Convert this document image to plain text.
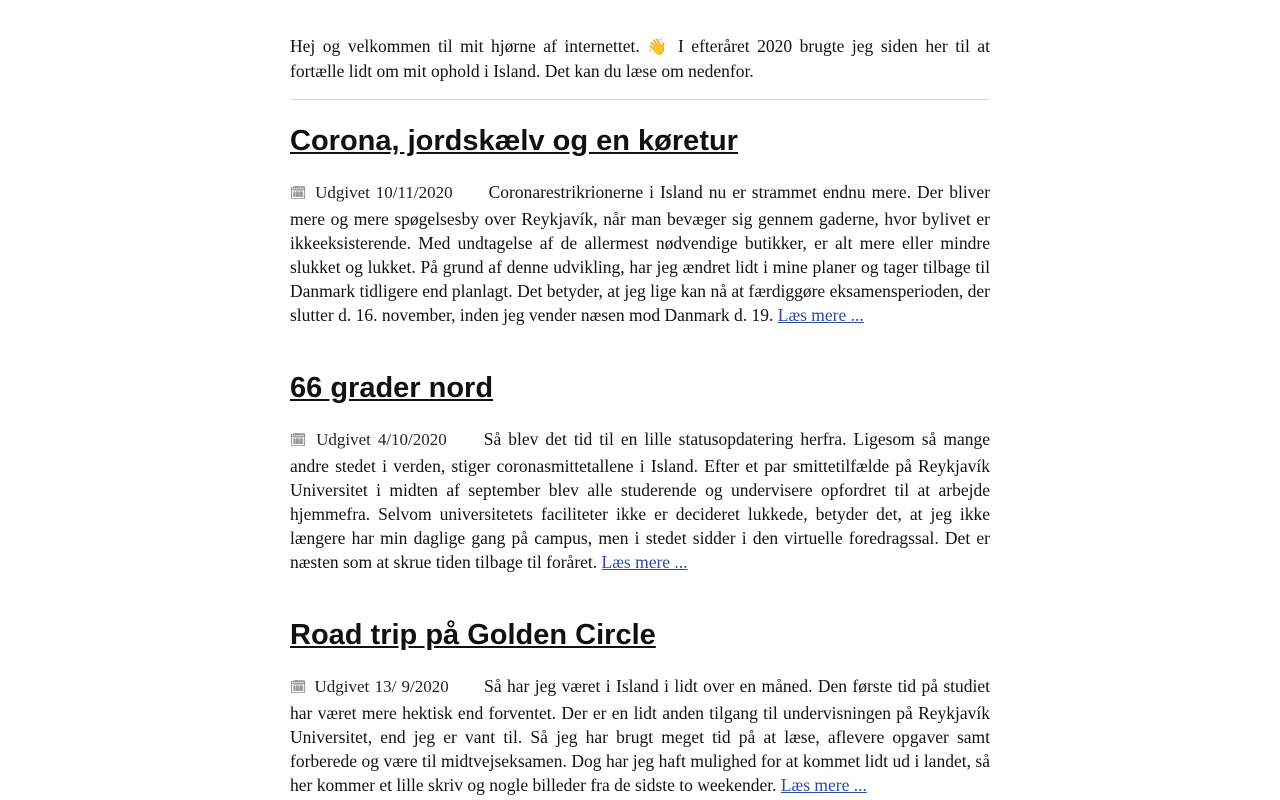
Hej og velkommen til mit hjørne af internettet. 👋 I efteråret 2020 brugte jeg siden her til at fortælle lidt om mit ophold i Island. Det kan du læse om nedenfor.

Corona, jordskælv og en køretur

🗓 Udgivet 10/11/2020 Coronarestrikrionerne i Island nu er strammet endnu mere. Der bliver mere og mere spøgelsesby over Reykjavík, når man bevæger sig gennem gaderne, hvor bylivet er ikkeeksisterende. Med undtagelse af de allermest nødvendige butikker, er alt mere eller mindre slukket og lukket. På grund af denne udvikling, har jeg ændret lidt i mine planer og tager tilbage til Danmark tidligere end planlagt. Det betyder, at jeg lige kan nå at færdiggøre eksamensperioden, der slutter d. 16. november, inden jeg vender næsen mod Danmark d. 19. Læs mere ...

66 grader nord

🗓 Udgivet 4/10/2020 Så blev det tid til en lille statusopdatering herfra. Ligesom så mange andre stedet i verden, stiger coronasmittetallene i Island. Efter et par smittetilfælde på Reykjavík Universitet i midten af september blev alle studerende og undervisere opfordret til at arbejde hjemmefra. Selvom universitetets faciliteter ikke er decideret lukkede, betyder det, at jeg ikke længere har min daglige gang på campus, men i stedet sidder i den virtuelle foredragssal. Det er næsten som at skrue tiden tilbage til foråret. Læs mere ...

Road trip på Golden Circle

🗓 Udgivet 13/ 9/2020 Så har jeg været i Island i lidt over en måned. Den første tid på studiet har været mere hektisk end forventet. Der er en lidt anden tilgang til undervisningen på Reykjavík Universitet, end jeg er vant til. Så jeg har brugt meget tid på at læse, aflevere opgaver samt forberede og være til midtvejseksamen. Dog har jeg haft mulighed for at kommet lidt ud i landet, så her kommer et lille skriv og nogle billeder fra de sidste to weekender. Læs mere ...
